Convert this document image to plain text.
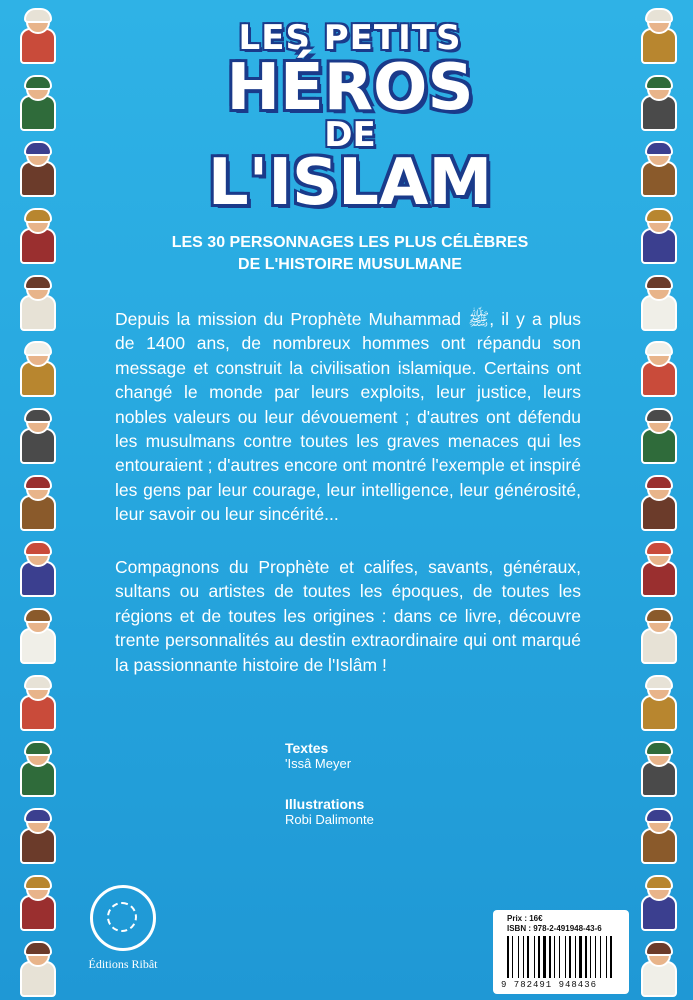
LES PETITS
HÉROS
DE
L'ISLAM
LES 30 PERSONNAGES LES PLUS CÉLÈBRES
DE L'HISTOIRE MUSULMANE
Depuis la mission du Prophète Muhammad ﷺ, il y a plus de 1400 ans, de nombreux hommes ont répandu son message et construit la civilisation islamique. Certains ont changé le monde par leurs exploits, leur justice, leurs nobles valeurs ou leur dévouement ; d'autres ont défendu les musulmans contre toutes les graves menaces qui les entouraient ; d'autres encore ont montré l'exemple et inspiré les gens par leur courage, leur intelligence, leur générosité, leur savoir ou leur sincérité...
Compagnons du Prophète et califes, savants, généraux, sultans ou artistes de toutes les époques, de toutes les régions et de toutes les origines : dans ce livre, découvre trente personnalités au destin extraordinaire qui ont marqué la passionnante histoire de l'Islâm !
Textes
'Issâ Meyer
Illustrations
Robi Dalimonte
Éditions Ribât
Prix : 16€
ISBN : 978-2-491948-43-6
9 782491 948436
